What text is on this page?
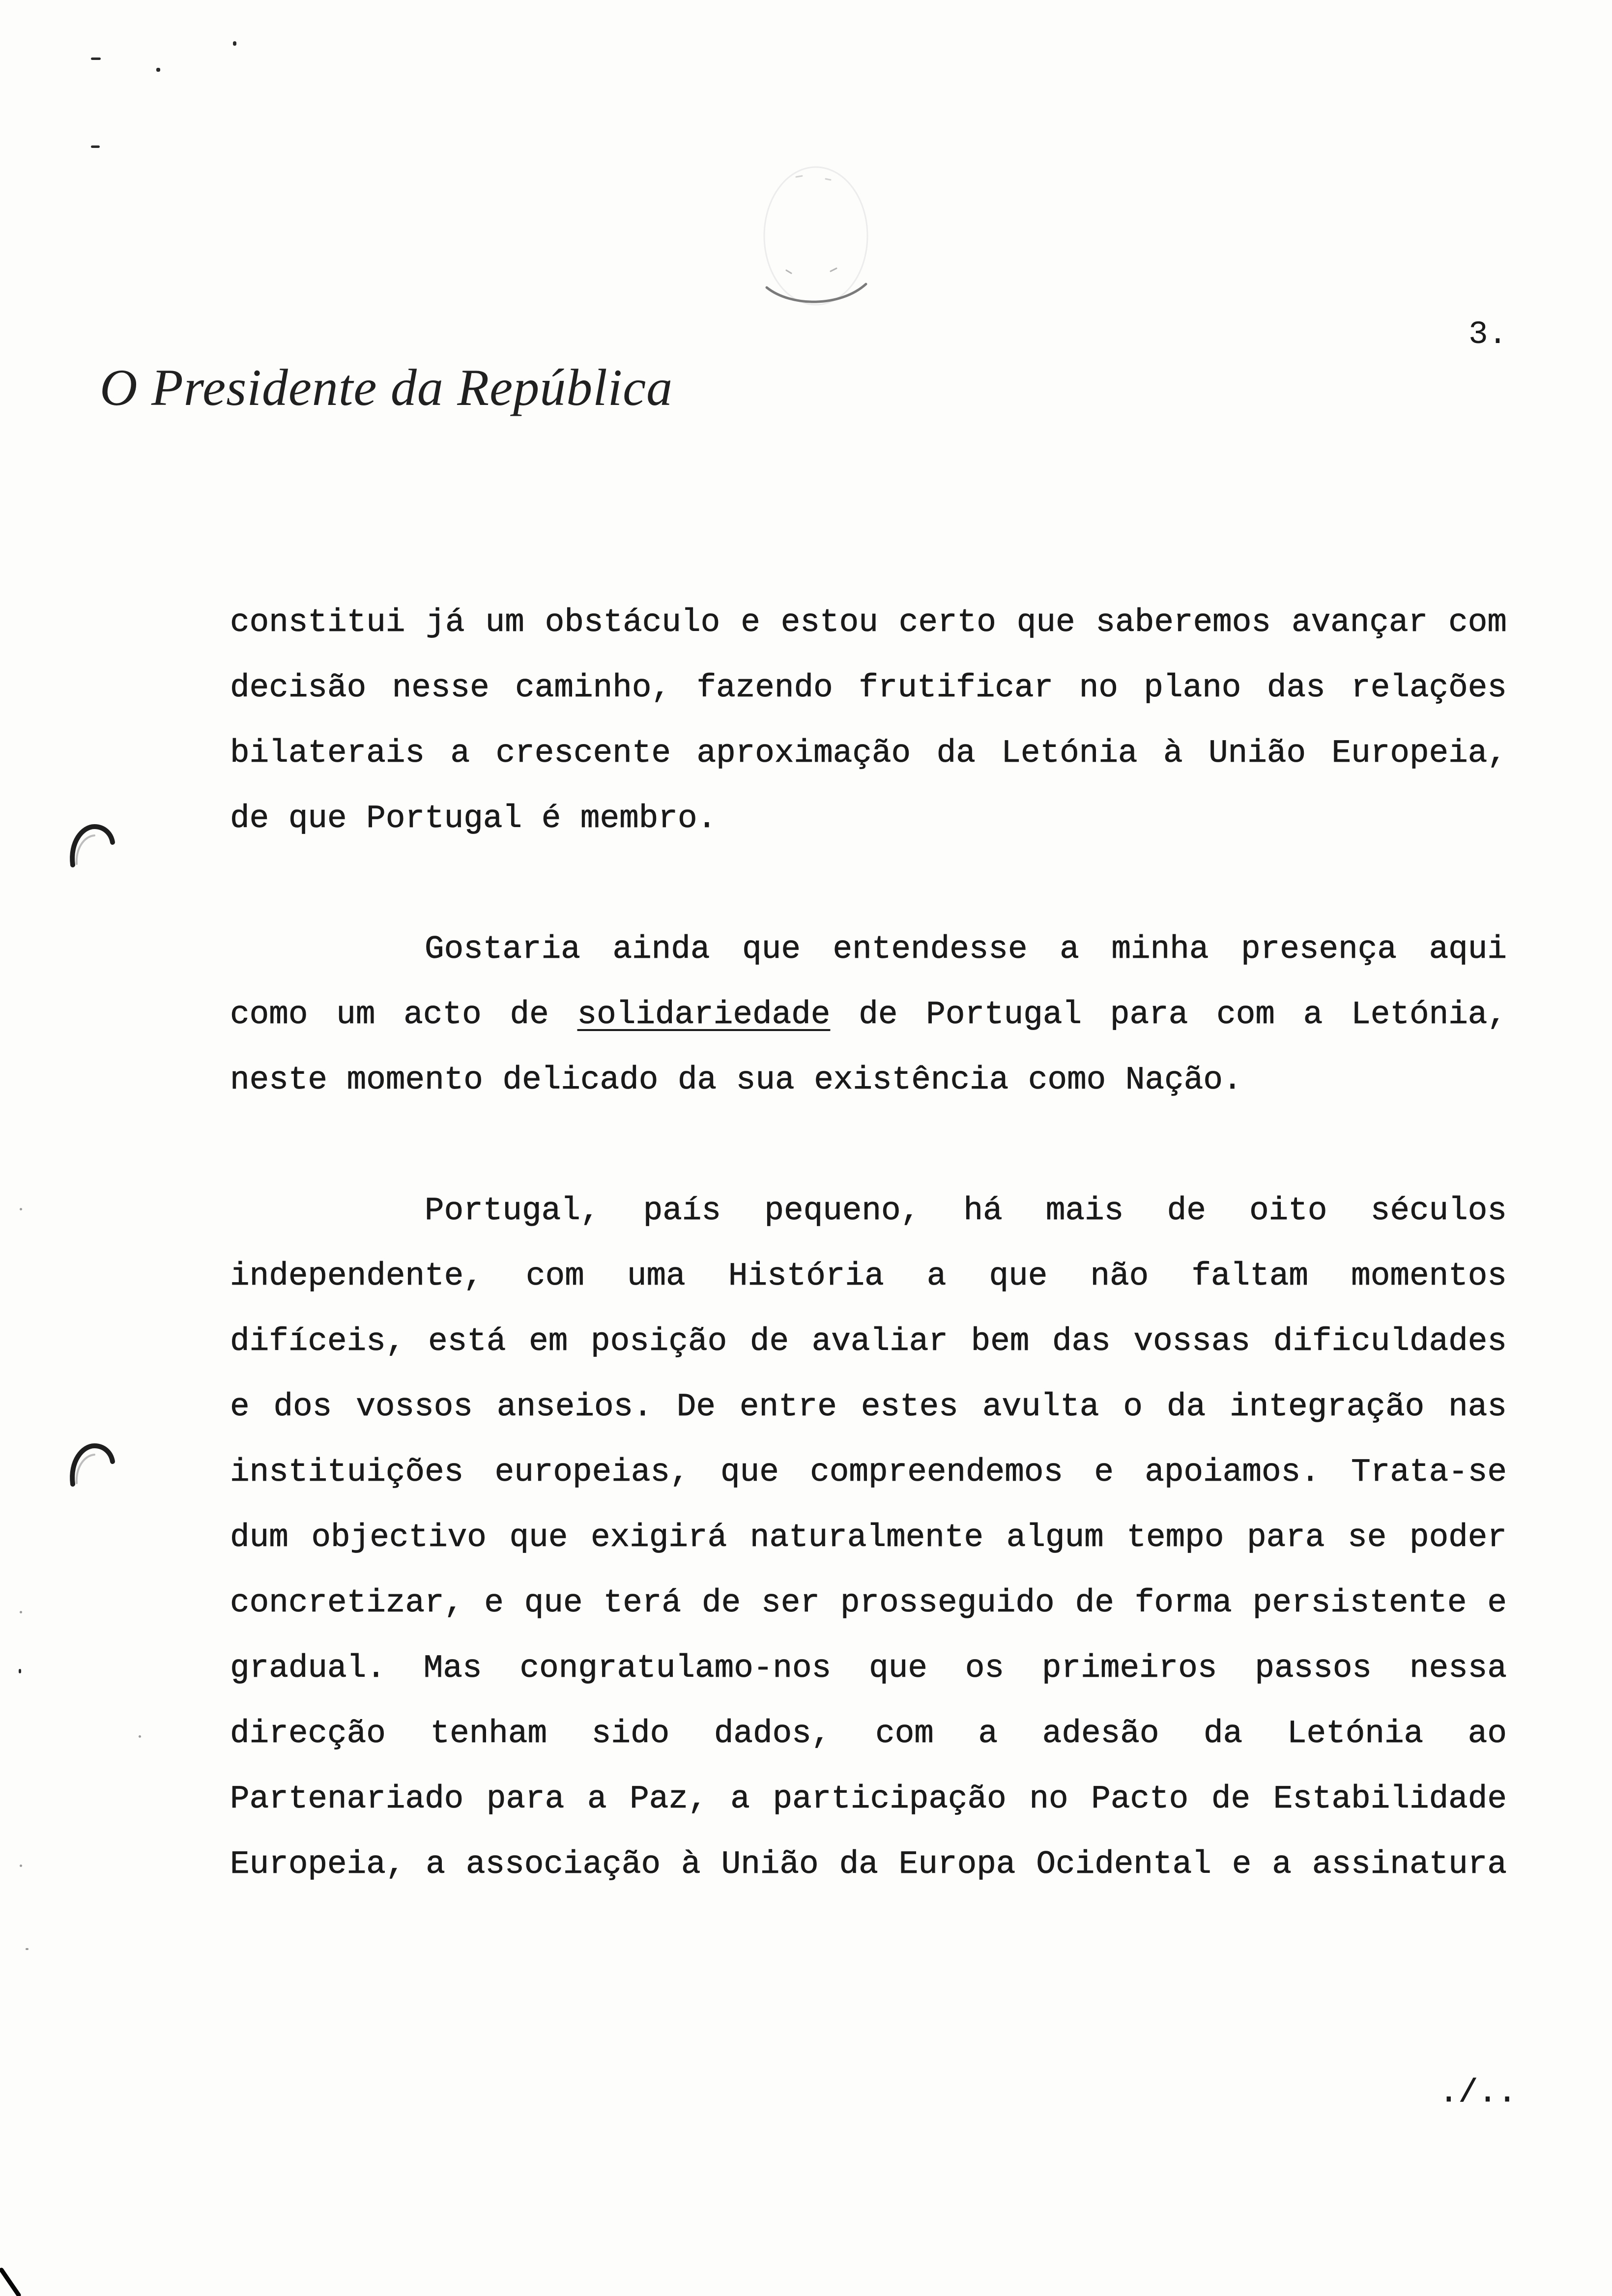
3.
O Presidente da República
constitui já um obstáculo e estou certo que saberemos avançar com
decisão nesse caminho, fazendo frutificar no plano das relações
bilaterais a crescente aproximação da Letónia à União Europeia,
de que Portugal é membro.
Gostaria ainda que entendesse a minha presença aqui
como um acto de solidariedade de Portugal para com a Letónia,
neste momento delicado da sua existência como Nação.
Portugal, país pequeno, há mais de oito séculos
independente, com uma História a que não faltam momentos
difíceis, está em posição de avaliar bem das vossas dificuldades
e dos vossos anseios. De entre estes avulta o da integração nas
instituições europeias, que compreendemos e apoiamos. Trata-se
dum objectivo que exigirá naturalmente algum tempo para se poder
concretizar, e que terá de ser prosseguido de forma persistente e
gradual. Mas congratulamo-nos que os primeiros passos nessa
direcção tenham sido dados, com a adesão da Letónia ao
Partenariado para a Paz, a participação no Pacto de Estabilidade
Europeia, a associação à União da Europa Ocidental e a assinatura
./..
